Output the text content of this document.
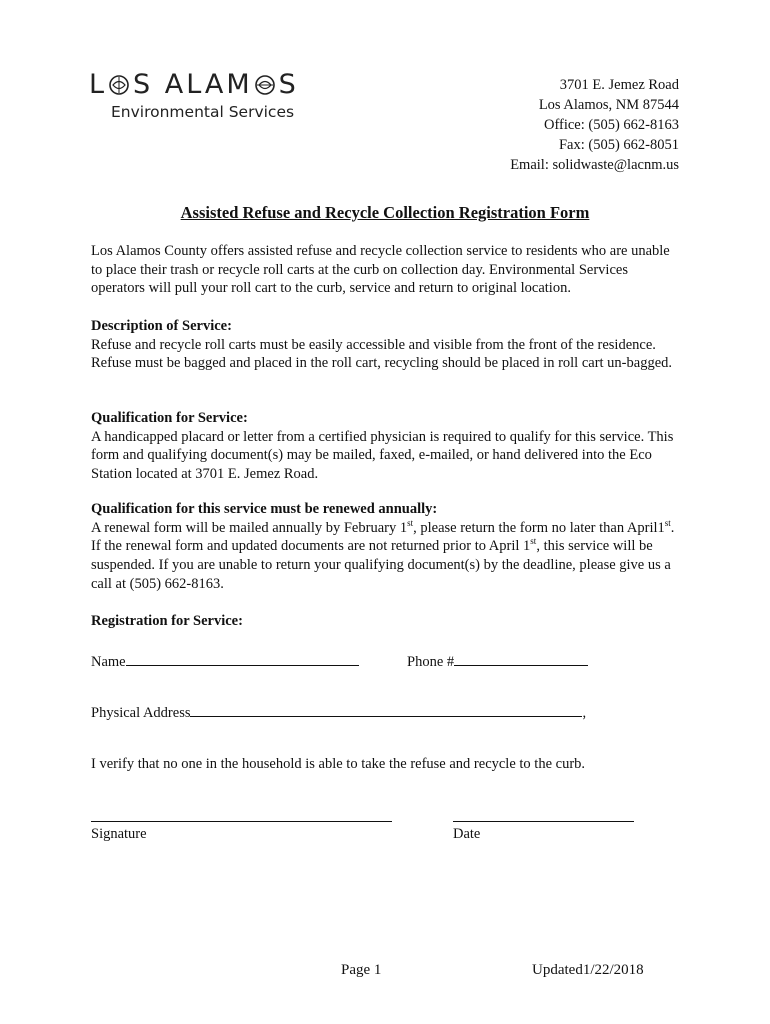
L S ALAM S
Environmental Services
3701 E. Jemez Road
Los Alamos, NM 87544
Office: (505) 662-8163
Fax: (505) 662-8051
Email: solidwaste@lacnm.us
Assisted Refuse and Recycle Collection Registration Form
Los Alamos County offers assisted refuse and recycle collection service to residents who are unable to place their trash or recycle roll carts at the curb on collection day. Environmental Services operators will pull your roll cart to the curb, service and return to original location.
Description of Service:
Refuse and recycle roll carts must be easily accessible and visible from the front of the residence. Refuse must be bagged and placed in the roll cart, recycling should be placed in roll cart un-bagged.
Qualification for Service:
A handicapped placard or letter from a certified physician is required to qualify for this service. This form and qualifying document(s) may be mailed, faxed, e-mailed, or hand delivered into the Eco Station located at 3701 E. Jemez Road.
Qualification for this service must be renewed annually:
A renewal form will be mailed annually by February 1st, please return the form no later than April1st. If the renewal form and updated documents are not returned prior to April 1st, this service will be suspended. If you are unable to return your qualifying document(s) by the deadline, please give us a call at (505) 662-8163.
Registration for Service:
Name	Phone #
Physical Address	,
I verify that no one in the household is able to take the refuse and recycle to the curb.
Signature	Date
Page 1	Updated1/22/2018
